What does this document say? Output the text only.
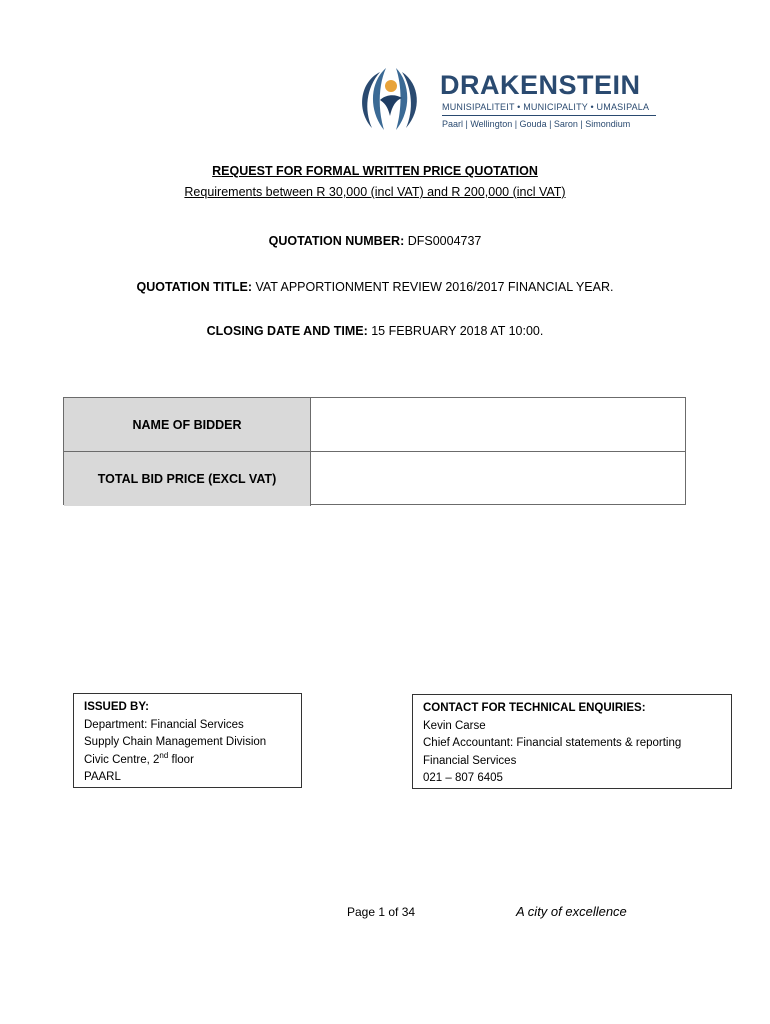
DRAKENSTEIN
MUNISIPALITEIT • MUNICIPALITY • UMASIPALA
Paarl | Wellington | Gouda | Saron | Simondium
REQUEST FOR FORMAL WRITTEN PRICE QUOTATION
Requirements between R 30,000 (incl VAT) and R 200,000 (incl VAT)
QUOTATION NUMBER: DFS0004737
QUOTATION TITLE: VAT APPORTIONMENT REVIEW 2016/2017 FINANCIAL YEAR.
CLOSING DATE AND TIME: 15 FEBRUARY 2018 AT 10:00.
NAME OF BIDDER
TOTAL BID PRICE (EXCL VAT)
ISSUED BY:
Department: Financial Services
Supply Chain Management Division
Civic Centre, 2nd floor
PAARL
CONTACT FOR TECHNICAL ENQUIRIES:
Kevin Carse
Chief Accountant: Financial statements & reporting
Financial Services
021 – 807 6405
Page 1 of 34	A city of excellence
